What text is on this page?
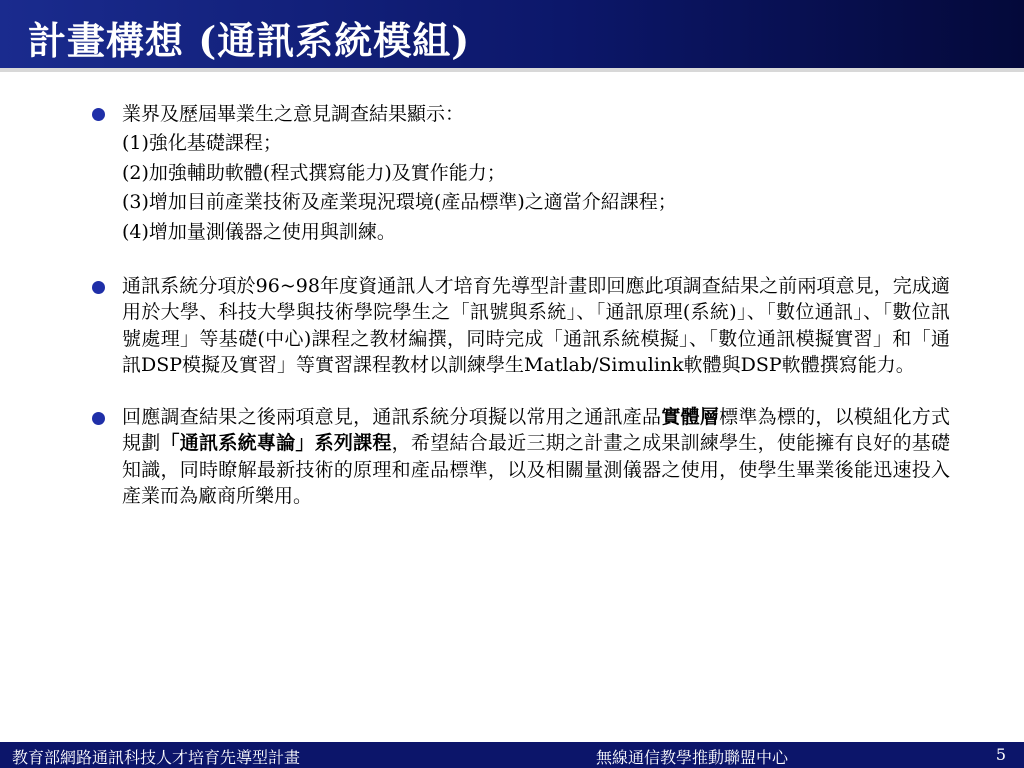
計畫構想 (通訊系統模組)
業界及歷屆畢業生之意見調查結果顯示：
(1)強化基礎課程；
(2)加強輔助軟體(程式撰寫能力)及實作能力；
(3)增加目前產業技術及產業現況環境(產品標準)之適當介紹課程；
(4)增加量測儀器之使用與訓練。
通訊系統分項於96~98年度資通訊人才培育先導型計畫即回應此項調查結果之前兩項意見，完成適用於大學、科技大學與技術學院學生之「訊號與系統」、「通訊原理(系統)」、「數位通訊」、「數位訊號處理」等基礎(中心)課程之教材編撰，同時完成「通訊系統模擬」、「數位通訊模擬實習」和「通訊DSP模擬及實習」等實習課程教材以訓練學生Matlab/Simulink軟體與DSP軟體撰寫能力。
回應調查結果之後兩項意見，通訊系統分項擬以常用之通訊產品實體層標準為標的，以模組化方式規劃「通訊系統專論」系列課程，希望結合最近三期之計畫之成果訓練學生，使能擁有良好的基礎知識，同時瞭解最新技術的原理和產品標準，以及相關量測儀器之使用，使學生畢業後能迅速投入產業而為廠商所樂用。
教育部網路通訊科技人才培育先導型計畫	無線通信教學推動聯盟中心	5
